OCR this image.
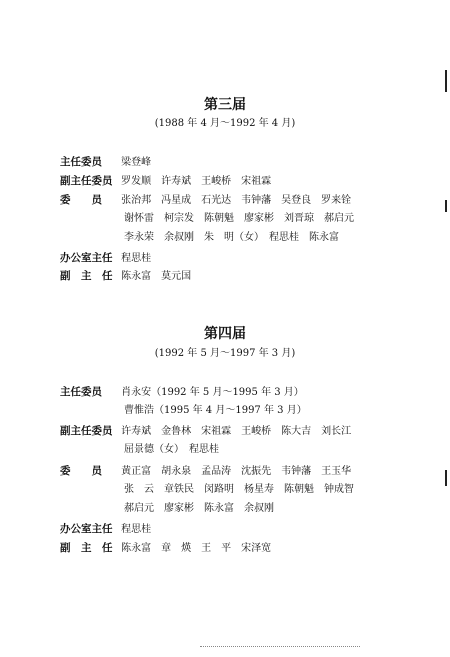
第三届
(1988 年 4 月～1992 年 4 月)
主任委员 梁登峰
副主任委员 罗发顺　 许寿斌　 王峻桥　 宋祖霖
委　　员 张治邦　 冯星成　 石光达　 韦钟藩　 吴登良　 罗来铨
谢怀雷　 柯宗发　 陈朝魁　 廖家彬　 刘晋琼　 郝启元
李永荣　 余叔刚　 朱　明（女）　 程思桂　 陈永富
办公室主任 程思桂
副　主　任 陈永富　 莫元国
第四届
(1992 年 5 月～1997 年 3 月)
主任委员 肖永安（1992 年 5 月～1995 年 3 月）
曹惟浩（1995 年 4 月～1997 年 3 月）
副主任委员 许寿斌　 金鲁林　 宋祖霖　 王峻桥　 陈大吉　 刘长江
屈景德（女）　 程思桂
委　　员 黄正富　 胡永泉　 孟品涛　 沈振先　 韦钟藩　 王玉华
张　云　 章铁民　 闵路明　 杨星寿　 陈朝魁　 钟成智
郝启元　 廖家彬　 陈永富　 余叔刚
办公室主任 程思桂
副　主　任 陈永富　 章　煐　 王　平　 宋泽宽
